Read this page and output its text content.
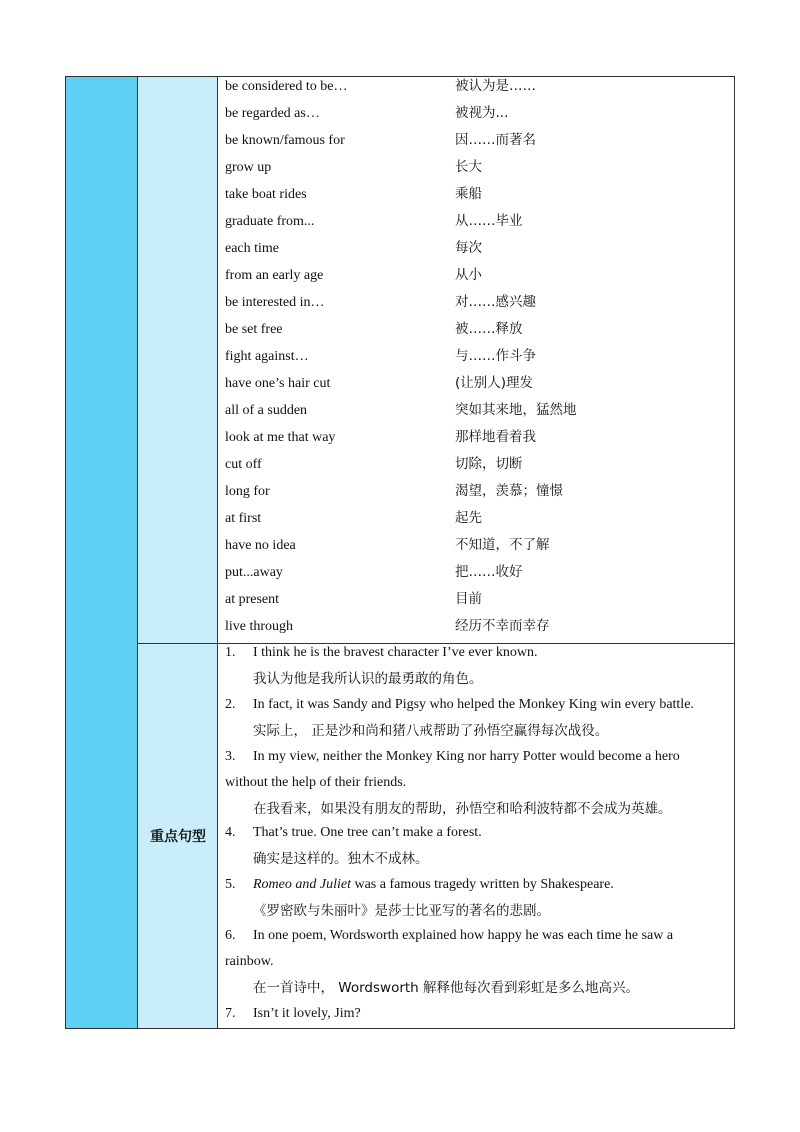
重点句型
be considered to be…	被认为是……
be regarded as…	被视为...
be known/famous for	因……而著名
grow up	长大
take boat rides	乘船
graduate from...	从……毕业
each time	每次
from an early age	从小
be interested in…	对……感兴趣
be set free	被……释放
fight against…	与……作斗争
have one’s hair cut	(让别人)理发
all of a sudden	突如其来地，猛然地
look at me that way	那样地看着我
cut off	切除，切断
long for	渴望，羡慕；憧憬
at first	起先
have no idea	不知道，不了解
put...away	把……收好
at present	目前
live through	经历不幸而幸存
1. I think he is the bravest character I’ve ever known.
我认为他是我所认识的最勇敢的角色。
2. In fact, it was Sandy and Pigsy who helped the Monkey King win every battle.
实际上， 正是沙和尚和猪八戒帮助了孙悟空赢得每次战役。
3. In my view, neither the Monkey King nor harry Potter would become a hero
without the help of their friends.
在我看来，如果没有朋友的帮助，孙悟空和哈利波特都不会成为英雄。
4. That’s true. One tree can’t make a forest.
确实是这样的。独木不成林。
5. Romeo and Juliet was a famous tragedy written by Shakespeare.
《罗密欧与朱丽叶》是莎士比亚写的著名的悲剧。
6. In one poem, Wordsworth explained how happy he was each time he saw a
rainbow.
在一首诗中， Wordsworth 解释他每次看到彩虹是多么地高兴。
7. Isn’t it lovely, Jim?
